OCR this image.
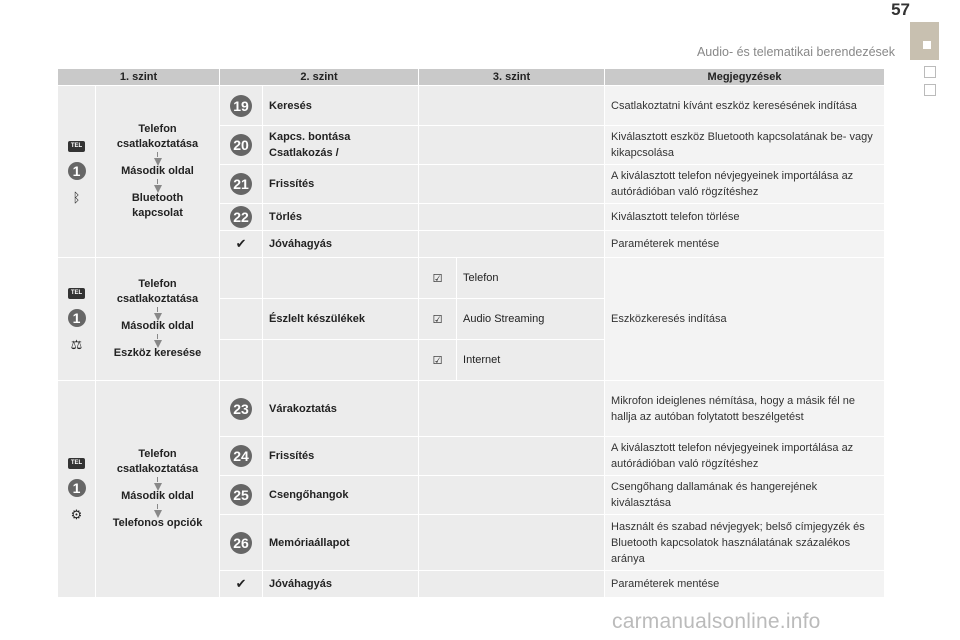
57
Audio- és telematikai berendezések
1. szint		2. szint		3. szint		Megjegyzések
TEL
1
ᛒ	Telefon
csatlakoztatása
Második oldal
Bluetooth
kapcsolat	19	Keresés			Csatlakoztatni kívánt eszköz keresésének indítása
		20	Kapcs. bontása Csatlakozás /			Kiválasztott eszköz Bluetooth kapcsolatának be- vagy kikapcsolása
		21	Frissítés			A kiválasztott telefon névjegyeinek importálása az autórádióban való rögzítéshez
		22	Törlés			Kiválasztott telefon törlése
		✔	Jóváhagyás			Paraméterek mentése
TEL
1
⚖	Telefon
csatlakoztatása
Második oldal
Eszköz keresése			☑	Telefon	Eszközkeresés indítása
			Észlelt készülékek	☑	Audio Streaming	
				☑	Internet	
TEL
1
⚙	Telefon
csatlakoztatása
Második oldal
Telefonos opciók	23	Várakoztatás			Mikrofon ideiglenes némítása, hogy a másik fél ne hallja az autóban folytatott beszélgetést
		24	Frissítés			A kiválasztott telefon névjegyeinek importálása az autórádióban való rögzítéshez
		25	Csengőhangok			Csengőhang dallamának és hangerejének kiválasztása
		26	Memóriaállapot			Használt és szabad névjegyek; belső címjegyzék és Bluetooth kapcsolatok használatának százalékos aránya
		✔	Jóváhagyás			Paraméterek mentése
carmanualsonline.info
